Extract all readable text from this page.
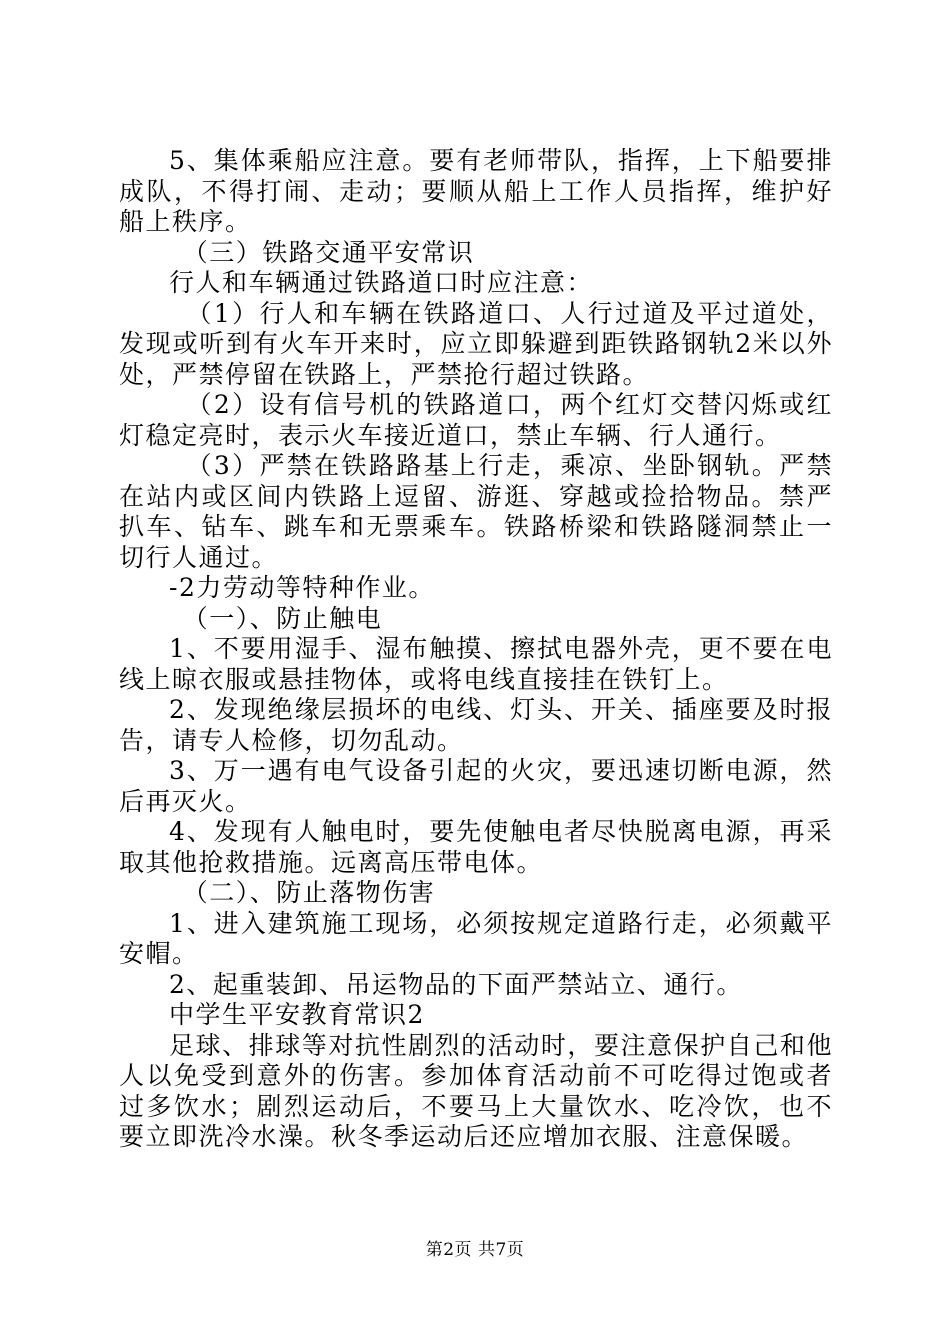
5、集体乘船应注意。要有老师带队，指挥，上下船要排成队，不得打闹、走动；要顺从船上工作人员指挥，维护好船上秩序。

（三）铁路交通平安常识

行人和车辆通过铁路道口时应注意：

（1）行人和车辆在铁路道口、人行过道及平过道处，发现或听到有火车开来时，应立即躲避到距铁路钢轨2米以外处，严禁停留在铁路上，严禁抢行超过铁路。

（2）设有信号机的铁路道口，两个红灯交替闪烁或红灯稳定亮时，表示火车接近道口，禁止车辆、行人通行。

（3）严禁在铁路路基上行走，乘凉、坐卧钢轨。严禁在站内或区间内铁路上逗留、游逛、穿越或捡拾物品。禁严扒车、钻车、跳车和无票乘车。铁路桥梁和铁路隧洞禁止一切行人通过。

-2力劳动等特种作业。

（一）、防止触电

1、不要用湿手、湿布触摸、擦拭电器外壳，更不要在电线上晾衣服或悬挂物体，或将电线直接挂在铁钉上。

2、发现绝缘层损坏的电线、灯头、开关、插座要及时报告，请专人检修，切勿乱动。

3、万一遇有电气设备引起的火灾，要迅速切断电源，然后再灭火。

4、发现有人触电时，要先使触电者尽快脱离电源，再采取其他抢救措施。远离高压带电体。

（二）、防止落物伤害

1、进入建筑施工现场，必须按规定道路行走，必须戴平安帽。

2、起重装卸、吊运物品的下面严禁站立、通行。

中学生平安教育常识2

足球、排球等对抗性剧烈的活动时，要注意保护自己和他人以免受到意外的伤害。参加体育活动前不可吃得过饱或者过多饮水；剧烈运动后，不要马上大量饮水、吃冷饮，也不要立即洗冷水澡。秋冬季运动后还应增加衣服、注意保暖。

第2页 共7页
